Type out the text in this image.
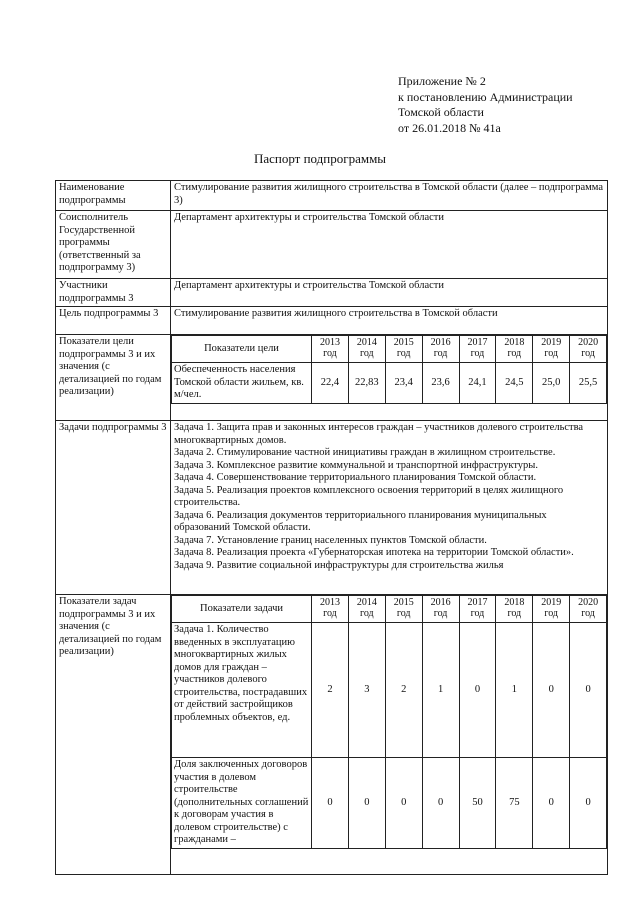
Приложение № 2
к постановлению Администрации
Томской области
от 26.01.2018 № 41а
Паспорт подпрограммы
Наименование подпрограммы	Стимулирование развития жилищного строительства в Томской области (далее – подпрограмма 3)
Соисполнитель Государственной программы (ответственный за подпрограмму 3)	Департамент архитектуры и строительства Томской области
Участники подпрограммы 3	Департамент архитектуры и строительства Томской области
Цель подпрограммы 3	Стимулирование развития жилищного строительства в Томской области
Показатели цели подпрограммы 3 и их значения (с детализацией по годам реализации)	
Показатели цели	2013 год	2014 год	2015 год	2016 год	2017 год	2018 год	2019 год	2020 год
Обеспеченность населения Томской области жильем, кв. м/чел.	22,4	22,83	23,4	23,6	24,1	24,5	25,0	25,5

Задачи подпрограммы 3	Задача 1. Защита прав и законных интересов граждан – участников долевого строительства многоквартирных домов.
Задача 2. Стимулирование частной инициативы граждан в жилищном строительстве.
Задача 3. Комплексное развитие коммунальной и транспортной инфраструктуры.
Задача 4. Совершенствование территориального планирования Томской области.
Задача 5. Реализация проектов комплексного освоения территорий в целях жилищного строительства.
Задача 6. Реализация документов территориального планирования муниципальных образований Томской области.
Задача 7. Установление границ населенных пунктов Томской области.
Задача 8. Реализация проекта «Губернаторская ипотека на территории Томской области».
Задача 9. Развитие социальной инфраструктуры для строительства жилья

Показатели задач подпрограммы 3 и их значения (с детализацией по годам реализации)	
Показатели задачи	2013 год	2014 год	2015 год	2016 год	2017 год	2018 год	2019 год	2020 год
Задача 1. Количество введенных в эксплуатацию многоквартирных жилых домов для граждан – участников долевого строительства, пострадавших от действий застройщиков проблемных объектов, ед.	2	3	2	1	0	1	0	0
Доля заключенных договоров участия в долевом строительстве (дополнительных соглашений к договорам участия в долевом строительстве) с гражданами –	0	0	0	0	50	75	0	0
